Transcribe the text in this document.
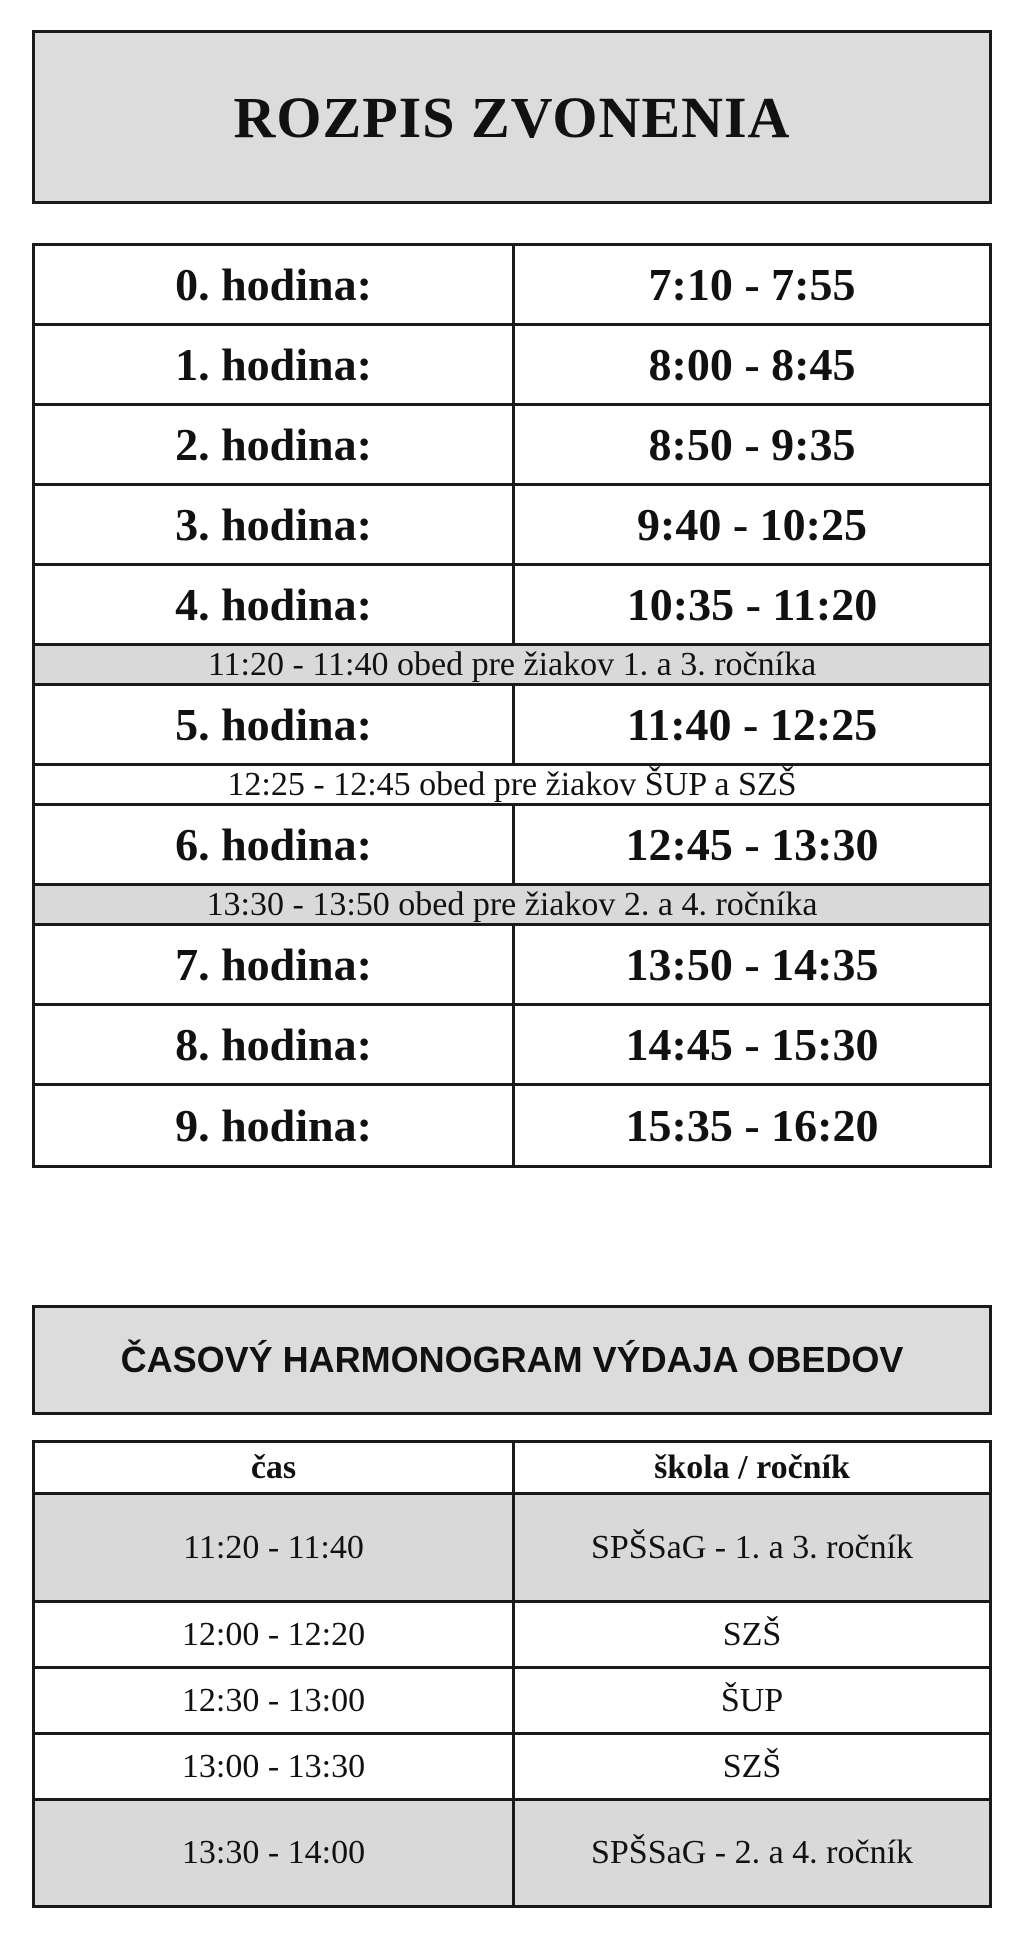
ROZPIS ZVONENIA
0. hodina:	7:10 - 7:55
1. hodina:	8:00 - 8:45
2. hodina:	8:50 - 9:35
3. hodina:	9:40 - 10:25
4. hodina:	10:35 - 11:20
11:20 - 11:40 obed pre žiakov 1. a 3. ročníka
5. hodina:	11:40 - 12:25
12:25 - 12:45 obed pre žiakov ŠUP a SZŠ
6. hodina:	12:45 - 13:30
13:30 - 13:50 obed pre žiakov 2. a 4. ročníka
7. hodina:	13:50 - 14:35
8. hodina:	14:45 - 15:30
9. hodina:	15:35 - 16:20
ČASOVÝ HARMONOGRAM VÝDAJA OBEDOV
čas	škola / ročník
11:20 - 11:40	SPŠSaG - 1. a 3. ročník
12:00 - 12:20	SZŠ
12:30 - 13:00	ŠUP
13:00 - 13:30	SZŠ
13:30 - 14:00	SPŠSaG - 2. a 4. ročník
